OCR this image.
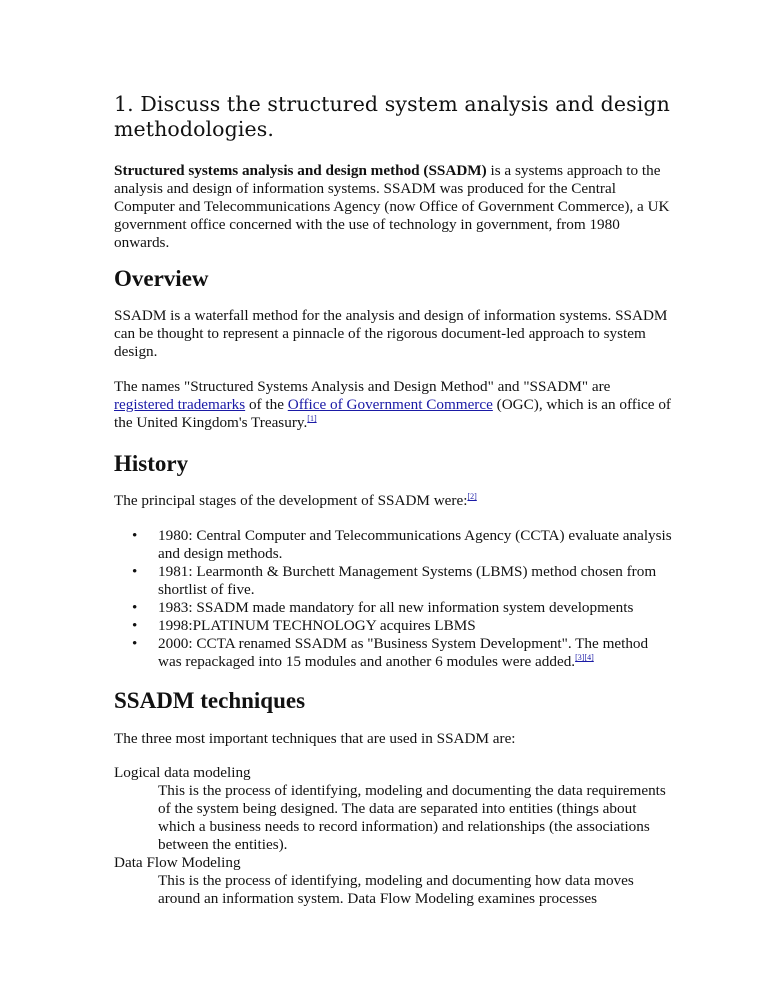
1. Discuss the structured system analysis and design methodologies.

Structured systems analysis and design method (SSADM) is a systems approach to the analysis and design of information systems. SSADM was produced for the Central Computer and Telecommunications Agency (now Office of Government Commerce), a UK government office concerned with the use of technology in government, from 1980 onwards.

Overview

SSADM is a waterfall method for the analysis and design of information systems. SSADM can be thought to represent a pinnacle of the rigorous document-led approach to system design.

The names "Structured Systems Analysis and Design Method" and "SSADM" are registered trademarks of the Office of Government Commerce (OGC), which is an office of the United Kingdom's Treasury.[1]

History

The principal stages of the development of SSADM were:[2]

• 1980: Central Computer and Telecommunications Agency (CCTA) evaluate analysis and design methods.
• 1981: Learmonth & Burchett Management Systems (LBMS) method chosen from shortlist of five.
• 1983: SSADM made mandatory for all new information system developments
• 1998:PLATINUM TECHNOLOGY acquires LBMS
• 2000: CCTA renamed SSADM as "Business System Development". The method was repackaged into 15 modules and another 6 modules were added.[3][4]
SSADM techniques

The three most important techniques that are used in SSADM are:

Logical data modeling
This is the process of identifying, modeling and documenting the data requirements of the system being designed. The data are separated into entities (things about which a business needs to record information) and relationships (the associations between the entities).
Data Flow Modeling
This is the process of identifying, modeling and documenting how data moves around an information system. Data Flow Modeling examines processes
